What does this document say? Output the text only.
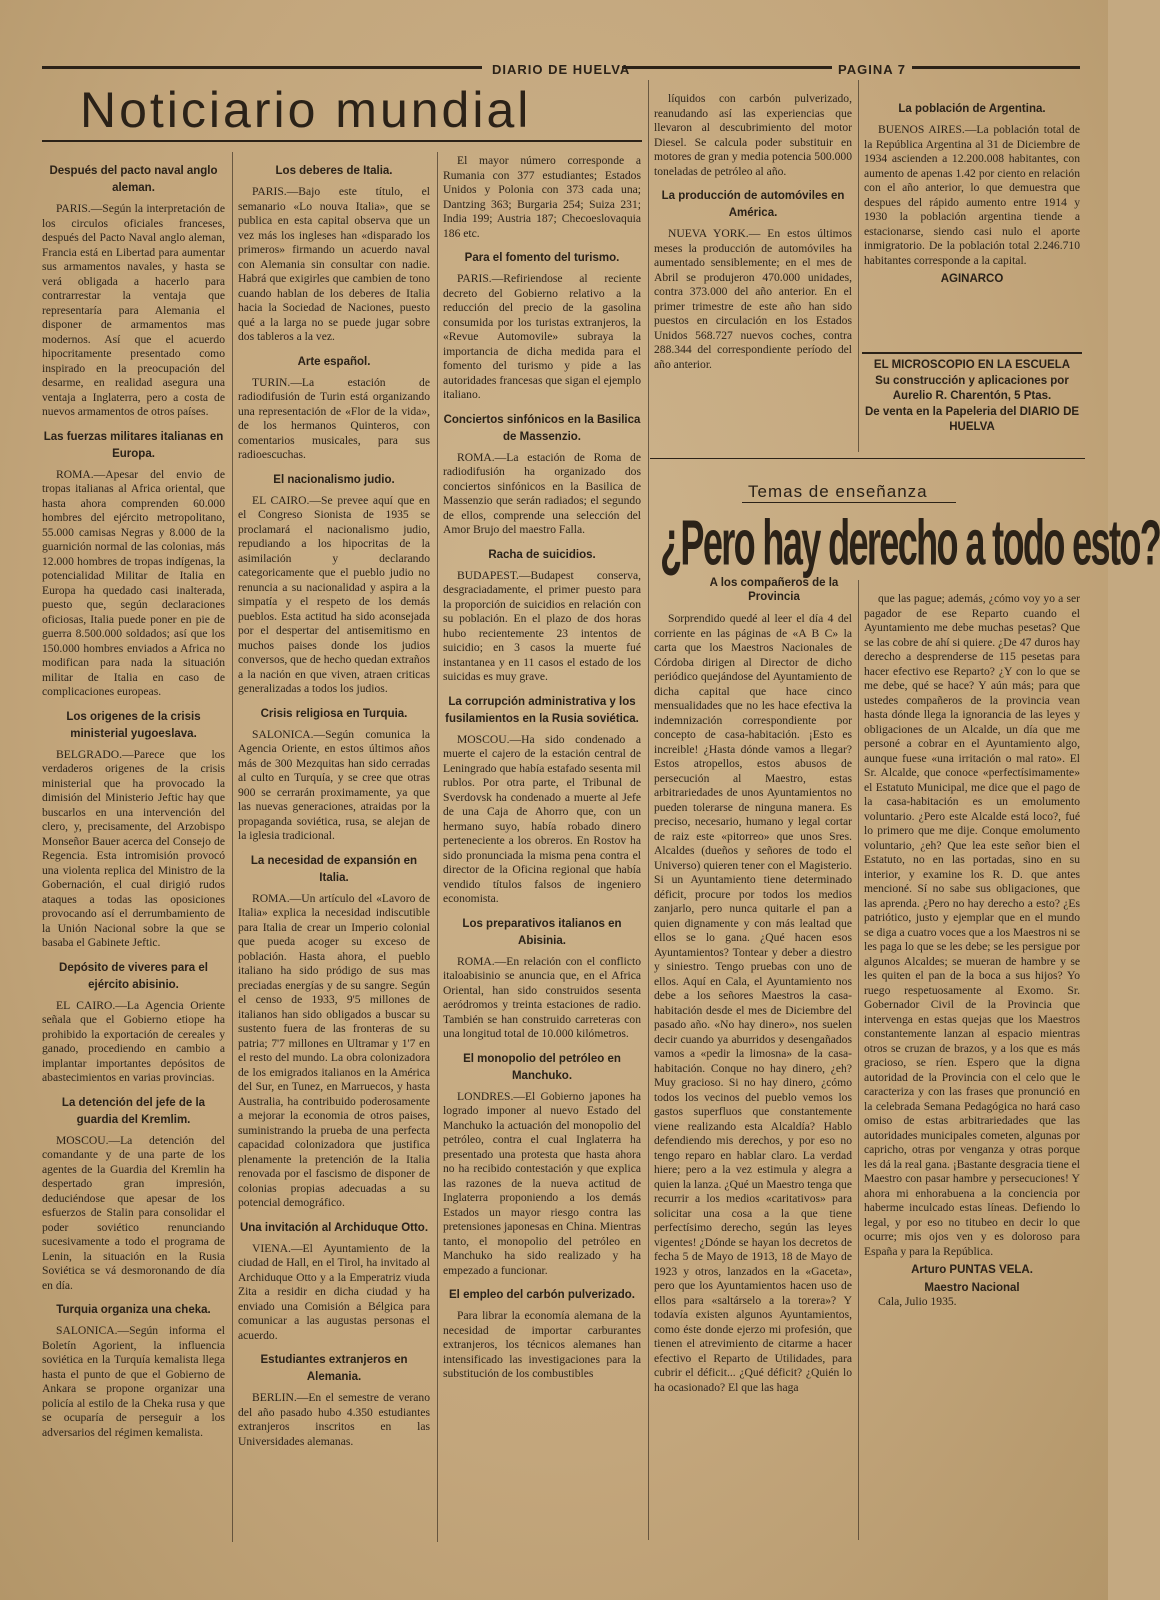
DIARIO DE HUELVA	PAGINA 7
Noticiario mundial
Después del pacto naval anglo aleman.

PARIS.—Según la interpretación de los circulos oficiales franceses, después del Pacto Naval anglo aleman, Francia está en Libertad para aumentar sus armamentos navales, y hasta se verá obligada a hacerlo para contrarrestar la ventaja que representaría para Alemania el disponer de armamentos mas modernos. Así que el acuerdo hipocritamente presentado como inspirado en la preocupación del desarme, en realidad asegura una ventaja a Inglaterra, pero a costa de nuevos armamentos de otros países.

Las fuerzas militares italianas en Europa.

ROMA.—Apesar del envio de tropas italianas al Africa oriental, que hasta ahora comprenden 60.000 hombres del ejército metropolitano, 55.000 camisas Negras y 8.000 de la guarnición normal de las colonias, más 12.000 hombres de tropas indígenas, la potencialidad Militar de Italia en Europa ha quedado casi inalterada, puesto que, según declaraciones oficiosas, Italia puede poner en pie de guerra 8.500.000 soldados; así que los 150.000 hombres enviados a Africa no modifican para nada la situación militar de Italia en caso de complicaciones europeas.

Los origenes de la crisis ministerial yugoeslava.

BELGRADO.—Parece que los verdaderos origenes de la crisis ministerial que ha provocado la dimisión del Ministerio Jeftic hay que buscarlos en una intervención del clero, y, precisamente, del Arzobispo Monseñor Bauer acerca del Consejo de Regencia. Esta intromisión provocó una violenta replica del Ministro de la Gobernación, el cual dirigió rudos ataques a todas las oposiciones provocando así el derrumbamiento de la Unión Nacional sobre la que se basaba el Gabinete Jeftic.

Depósito de viveres para el ejército abisinio.

EL CAIRO.—La Agencia Oriente señala que el Gobierno etiope ha prohibido la exportación de cereales y ganado, procediendo en cambio a implantar importantes depósitos de abastecimientos en varias provincias.

La detención del jefe de la guardia del Kremlim.

MOSCOU.—La detención del comandante y de una parte de los agentes de la Guardia del Kremlin ha despertado gran impresión, deduciéndose que apesar de los esfuerzos de Stalin para consolidar el poder soviético renunciando sucesivamente a todo el programa de Lenin, la situación en la Rusia Soviética se vá desmoronando de día en día.

Turquia organiza una cheka.

SALONICA.—Según informa el Boletín Agorient, la influencia soviética en la Turquía kemalista llega hasta el punto de que el Gobierno de Ankara se propone organizar una policía al estilo de la Cheka rusa y que se ocuparía de perseguir a los adversarios del régimen kemalista.

Los deberes de Italia.

PARIS.—Bajo este título, el semanario «Lo nouva Italia», que se publica en esta capital observa que un vez más los ingleses han «disparado los primeros» firmando un acuerdo naval con Alemania sin consultar con nadie. Habrá que exigirles que cambien de tono cuando hablan de los deberes de Italia hacia la Sociedad de Naciones, puesto qué a la larga no se puede jugar sobre dos tableros a la vez.

Arte español.

TURIN.—La estación de radiodifusión de Turin está organizando una representación de «Flor de la vida», de los hermanos Quinteros, con comentarios musicales, para sus radioescuchas.

El nacionalismo judio.

EL CAIRO.—Se prevee aquí que en el Congreso Sionista de 1935 se proclamará el nacionalismo judio, repudiando a los hipocritas de la asimilación y declarando categoricamente que el pueblo judio no renuncia a su nacionalidad y aspira a la simpatía y el respeto de los demás pueblos. Esta actitud ha sido aconsejada por el despertar del antisemitismo en muchos paises donde los judios conversos, que de hecho quedan extraños a la nación en que viven, atraen criticas generalizadas a todos los judios.

Crisis religiosa en Turquia.

SALONICA.—Según comunica la Agencia Oriente, en estos últimos años más de 300 Mezquitas han sido cerradas al culto en Turquía, y se cree que otras 900 se cerrarán proximamente, ya que las nuevas generaciones, atraidas por la propaganda soviética, rusa, se alejan de la iglesia tradicional.

La necesidad de expansión en Italia.

ROMA.—Un artículo del «Lavoro de Italia» explica la necesidad indiscutible para Italia de crear un Imperio colonial que pueda acoger su exceso de población. Hasta ahora, el pueblo italiano ha sido pródigo de sus mas preciadas energías y de su sangre. Según el censo de 1933, 9'5 millones de italianos han sido obligados a buscar su sustento fuera de las fronteras de su patria; 7'7 millones en Ultramar y 1'7 en el resto del mundo. La obra colonizadora de los emigrados italianos en la América del Sur, en Tunez, en Marruecos, y hasta Australia, ha contribuido poderosamente a mejorar la economia de otros paises, suministrando la prueba de una perfecta capacidad colonizadora que justifica plenamente la pretención de la Italia renovada por el fascismo de disponer de colonias propias adecuadas a su potencial demográfico.

Una invitación al Archiduque Otto.

VIENA.—El Ayuntamiento de la ciudad de Hall, en el Tirol, ha invitado al Archiduque Otto y a la Emperatriz viuda Zita a residir en dicha ciudad y ha enviado una Comisión a Bélgica para comunicar a las augustas personas el acuerdo.

Estudiantes extranjeros en Alemania.

BERLIN.—En el semestre de verano del año pasado hubo 4.350 estudiantes extranjeros inscritos en las Universidades alemanas.

El mayor número corresponde a Rumania con 377 estudiantes; Estados Unidos y Polonia con 373 cada una; Dantzing 363; Burgaria 254; Suiza 231; India 199; Austria 187; Checoeslovaquia 186 etc.

Para el fomento del turismo.

PARIS.—Refiriendose al reciente decreto del Gobierno relativo a la reducción del precio de la gasolina consumida por los turistas extranjeros, la «Revue Automovile» subraya la importancia de dicha medida para el fomento del turismo y pide a las autoridades francesas que sigan el ejemplo italiano.

Conciertos sinfónicos en la Basilica de Massenzio.

ROMA.—La estación de Roma de radiodifusión ha organizado dos conciertos sinfónicos en la Basilica de Massenzio que serán radiados; el segundo de ellos, comprende una selección del Amor Brujo del maestro Falla.

Racha de suicidios.

BUDAPEST.—Budapest conserva, desgraciadamente, el primer puesto para la proporción de suicidios en relación con su población. En el plazo de dos horas hubo recientemente 23 intentos de suicidio; en 3 casos la muerte fué instantanea y en 11 casos el estado de los suicidas es muy grave.

La corrupción administrativa y los fusilamientos en la Rusia soviética.

MOSCOU.—Ha sido condenado a muerte el cajero de la estación central de Leningrado que había estafado sesenta mil rublos. Por otra parte, el Tribunal de Sverdovsk ha condenado a muerte al Jefe de una Caja de Ahorro que, con un hermano suyo, había robado dinero perteneciente a los obreros. En Rostov ha sido pronunciada la misma pena contra el director de la Oficina regional que había vendido títulos falsos de ingeniero economista.

Los preparativos italianos en Abisinia.

ROMA.—En relación con el conflicto italoabisinio se anuncia que, en el Africa Oriental, han sido construidos sesenta aeródromos y treinta estaciones de radio. También se han construido carreteras con una longitud total de 10.000 kilómetros.

El monopolio del petróleo en Manchuko.

LONDRES.—El Gobierno japones ha logrado imponer al nuevo Estado del Manchuko la actuación del monopolio del petróleo, contra el cual Inglaterra ha presentado una protesta que hasta ahora no ha recibido contestación y que explica las razones de la nueva actitud de Inglaterra proponiendo a los demás Estados un mayor riesgo contra las pretensiones japonesas en China. Mientras tanto, el monopolio del petróleo en Manchuko ha sido realizado y ha empezado a funcionar.

El empleo del carbón pulverizado.

Para librar la economía alemana de la necesidad de importar carburantes extranjeros, los técnicos alemanes han intensificado las investigaciones para la substitución de los combustibles

líquidos con carbón pulverizado, reanudando así las experiencias que llevaron al descubrimiento del motor Diesel. Se calcula poder substituir en motores de gran y media potencia 500.000 toneladas de petróleo al año.

La producción de automóviles en América.

NUEVA YORK.— En estos últimos meses la producción de automóviles ha aumentado sensiblemente; en el mes de Abril se produjeron 470.000 unidades, contra 373.000 del año anterior. En el primer trimestre de este año han sido puestos en circulación en los Estados Unidos 568.727 nuevos coches, contra 288.344 del correspondiente período del año anterior.

La población de Argentina.

BUENOS AIRES.—La población total de la República Argentina al 31 de Diciembre de 1934 ascienden a 12.200.008 habitantes, con aumento de apenas 1.42 por ciento en relación con el año anterior, lo que demuestra que despues del rápido aumento entre 1914 y 1930 la población argentina tiende a estacionarse, siendo casi nulo el aporte inmigratorio. De la población total 2.246.710 habitantes corresponde a la capital.

AGINARCO
EL MICROSCOPIO EN LA ESCUELA
Su construcción y aplicaciones por Aurelio R. Charentón, 5 Ptas.
De venta en la Papeleria del DIARIO DE HUELVA
Temas de enseñanza
¿Pero hay derecho a todo esto?
A los compañeros de la Provincia

Sorprendido quedé al leer el día 4 del corriente en las páginas de «A B C» la carta que los Maestros Nacionales de Córdoba dirigen al Director de dicho periódico quejándose del Ayuntamiento de dicha capital que hace cinco mensualidades que no les hace efectiva la indemnización correspondiente por concepto de casa-habitación. ¡Esto es increible! ¿Hasta dónde vamos a llegar? Estos atropellos, estos abusos de persecución al Maestro, estas arbitrariedades de unos Ayuntamientos no pueden tolerarse de ninguna manera. Es preciso, necesario, humano y legal cortar de raiz este «pitorreo» que unos Sres. Alcaldes (dueños y señores de todo el Universo) quieren tener con el Magisterio. Si un Ayuntamiento tiene determinado déficit, procure por todos los medios zanjarlo, pero nunca quitarle el pan a quien dignamente y con más lealtad que ellos se lo gana. ¿Qué hacen esos Ayuntamientos? Tontear y deber a diestro y siniestro. Tengo pruebas con uno de ellos. Aquí en Cala, el Ayuntamiento nos debe a los señores Maestros la casa-habitación desde el mes de Diciembre del pasado año. «No hay dinero», nos suelen decir cuando ya aburridos y desengañados vamos a «pedir la limosna» de la casa-habitación. Conque no hay dinero, ¿eh? Muy gracioso. Si no hay dinero, ¿cómo todos los vecinos del pueblo vemos los gastos superfluos que constantemente viene realizando esta Alcaldía? Hablo defendiendo mis derechos, y por eso no tengo reparo en hablar claro. La verdad hiere; pero a la vez estimula y alegra a quien la lanza. ¿Qué un Maestro tenga que recurrir a los medios «caritativos» para solicitar una cosa a la que tiene perfectísimo derecho, según las leyes vigentes! ¿Dónde se hayan los decretos de fecha 5 de Mayo de 1913, 18 de Mayo de 1923 y otros, lanzados en la «Gaceta», pero que los Ayuntamientos hacen uso de ellos para «saltárselo a la torera»? Y todavía existen algunos Ayuntamientos, como éste donde ejerzo mi profesión, que tienen el atrevimiento de citarme a hacer efectivo el Reparto de Utilidades, para cubrir el déficit... ¿Qué déficit? ¿Quién lo ha ocasionado? El que las haga

que las pague; además, ¿cómo voy yo a ser pagador de ese Reparto cuando el Ayuntamiento me debe muchas pesetas? Que se las cobre de ahí si quiere. ¿De 47 duros hay derecho a desprenderse de 115 pesetas para hacer efectivo ese Reparto? ¿Y con lo que se me debe, qué se hace? Y aún más; para que ustedes compañeros de la provincia vean hasta dónde llega la ignorancia de las leyes y obligaciones de un Alcalde, un día que me personé a cobrar en el Ayuntamiento algo, aunque fuese «una irritación o mal rato». El Sr. Alcalde, que conoce «perfectísimamente» el Estatuto Municipal, me dice que el pago de la casa-habitación es un emolumento voluntario. ¿Pero este Alcalde está loco?, fué lo primero que me dije. Conque emolumento voluntario, ¿eh? Que lea este señor bien el Estatuto, no en las portadas, sino en su interior, y examine los R. D. que antes mencioné. Sí no sabe sus obligaciones, que las aprenda. ¿Pero no hay derecho a esto? ¿Es patriótico, justo y ejemplar que en el mundo se diga a cuatro voces que a los Maestros ni se les paga lo que se les debe; se les persigue por algunos Alcaldes; se mueran de hambre y se les quiten el pan de la boca a sus hijos? Yo ruego respetuosamente al Exomo. Sr. Gobernador Civil de la Provincia que intervenga en estas quejas que los Maestros constantemente lanzan al espacio mientras otros se cruzan de brazos, y a los que es más gracioso, se ríen. Espero que la digna autoridad de la Provincia con el celo que le caracteriza y con las frases que pronunció en la celebrada Semana Pedagógica no hará caso omiso de estas arbitrariedades que las autoridades municipales cometen, algunas por capricho, otras por venganza y otras porque les dá la real gana. ¡Bastante desgracia tiene el Maestro con pasar hambre y persecuciones! Y ahora mi enhorabuena a la conciencia por haberme inculcado estas líneas. Defiendo lo legal, y por eso no titubeo en decir lo que ocurre; mis ojos ven y es doloroso para España y para la República.

Arturo PUNTAS VELA.
Maestro Nacional

Cala, Julio 1935.
